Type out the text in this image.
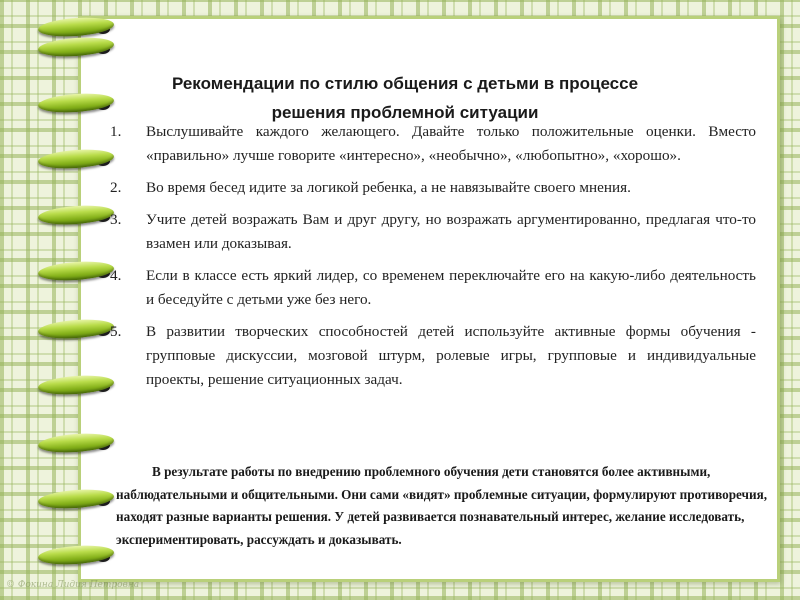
Рекомендации по стилю общения с детьми в процессе
решения проблемной ситуации
1. Выслушивайте каждого желающего. Давайте только положительные оценки. Вместо «правильно» лучше говорите «интересно», «необычно», «любопытно», «хорошо».
2. Во время бесед идите за логикой ребенка, а не навязывайте своего мнения.
3. Учите детей возражать Вам и друг другу, но возражать аргументированно, предлагая что-то взамен или доказывая.
4. Если в классе есть яркий лидер, со временем переключайте его на какую-либо деятельность и беседуйте с детьми уже без него.
5. В развитии творческих способностей детей используйте активные формы обучения - групповые дискуссии, мозговой штурм, ролевые игры, групповые и индивидуальные проекты, решение ситуационных задач.

В результате работы по внедрению проблемного обучения дети становятся более активными, наблюдательными и общительными. Они сами «видят» проблемные ситуации, формулируют противоречия, находят разные варианты решения. У детей развивается познавательный интерес, желание исследовать, экспериментировать, рассуждать и доказывать.

© Фокина Лидия Петровна
